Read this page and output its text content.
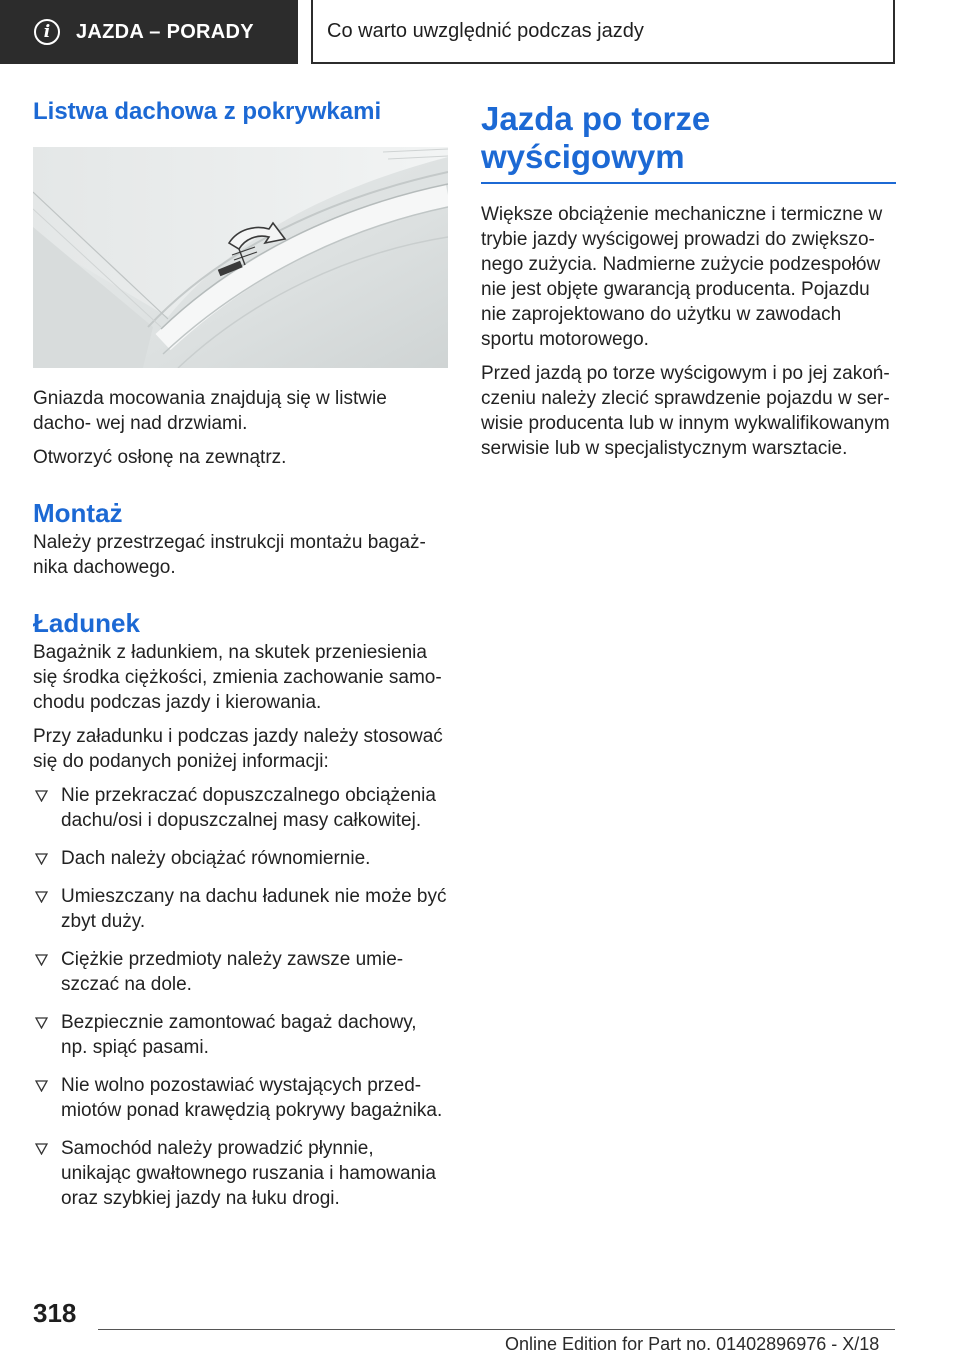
i	JAZDA – PORADY	Co warto uwzględnić podczas jazdy
Listwa dachowa z pokrywkami

Gniazda mocowania znajdują się w listwie dacho‐ wej nad drzwiami.

Otworzyć osłonę na zewnątrz.

Montaż

Należy przestrzegać instrukcji montażu bagaż‐ nika dachowego.

Ładunek

Bagażnik z ładunkiem, na skutek przeniesienia się środka ciężkości, zmienia zachowanie samo‐ chodu podczas jazdy i kierowania.

Przy załadunku i podczas jazdy należy stosować się do podanych poniżej informacji:

Nie przekraczać dopuszczalnego obciążenia dachu/osi i dopuszczalnej masy całkowitej.
Dach należy obciążać równomiernie.
Umieszczany na dachu ładunek nie może być zbyt duży.
Ciężkie przedmioty należy zawsze umie‐ szczać na dole.
Bezpiecznie zamontować bagaż dachowy, np. spiąć pasami.
Nie wolno pozostawiać wystających przed‐ miotów ponad krawędzią pokrywy bagażnika.
Samochód należy prowadzić płynnie, unikając gwałtownego ruszania i hamowania oraz szybkiej jazdy na łuku drogi.
Jazda po torze
wyścigowym

Większe obciążenie mechaniczne i termiczne w trybie jazdy wyścigowej prowadzi do zwiększo‐ nego zużycia. Nadmierne zużycie podzespołów nie jest objęte gwarancją producenta. Pojazdu nie zaprojektowano do użytku w zawodach sportu motorowego.

Przed jazdą po torze wyścigowym i po jej zakoń‐ czeniu należy zlecić sprawdzenie pojazdu w ser‐ wisie producenta lub w innym wykwalifikowanym serwisie lub w specjalistycznym warsztacie.

318
Online Edition for Part no. 01402896976 - X/18
